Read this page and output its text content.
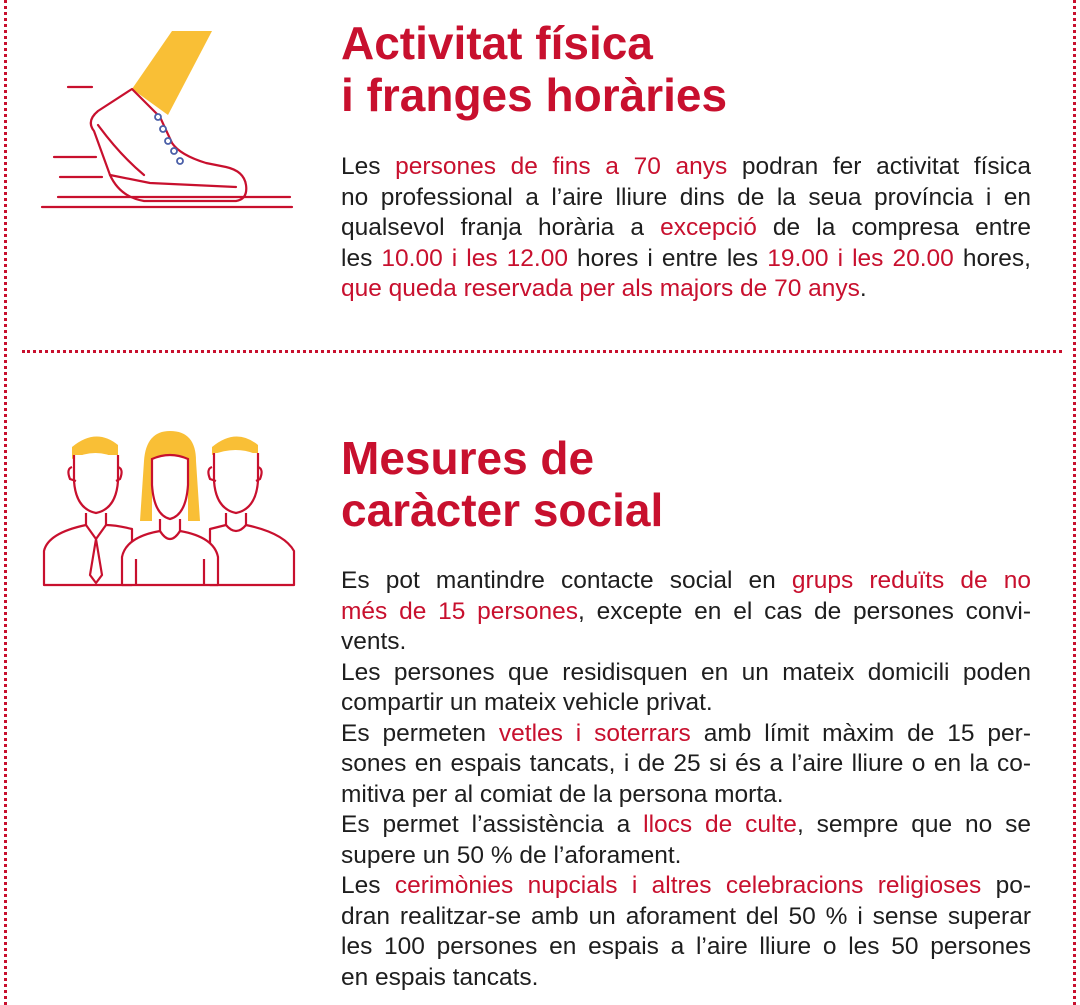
Activitat física
i franges horàries

Les persones de fins a 70 anys podran fer activitat física
no professional a l’aire lliure dins de la seua província i en
qualsevol franja horària a excepció de la compresa entre
les 10.00 i les 12.00 hores i entre les 19.00 i les 20.00 hores,
que queda reservada per als majors de 70 anys.

Mesures de
caràcter social

Es pot mantindre contacte social en grups reduïts de no
més de 15 persones, excepte en el cas de persones convi-
vents.
Les persones que residisquen en un mateix domicili poden
compartir un mateix vehicle privat.
Es permeten vetles i soterrars amb límit màxim de 15 per-
sones en espais tancats, i de 25 si és a l’aire lliure o en la co-
mitiva per al comiat de la persona morta.
Es permet l’assistència a llocs de culte, sempre que no se
supere un 50 % de l’aforament.
Les cerimònies nupcials i altres celebracions religioses po-
dran realitzar-se amb un aforament del 50 % i sense superar
les 100 persones en espais a l’aire lliure o les 50 persones
en espais tancats.
